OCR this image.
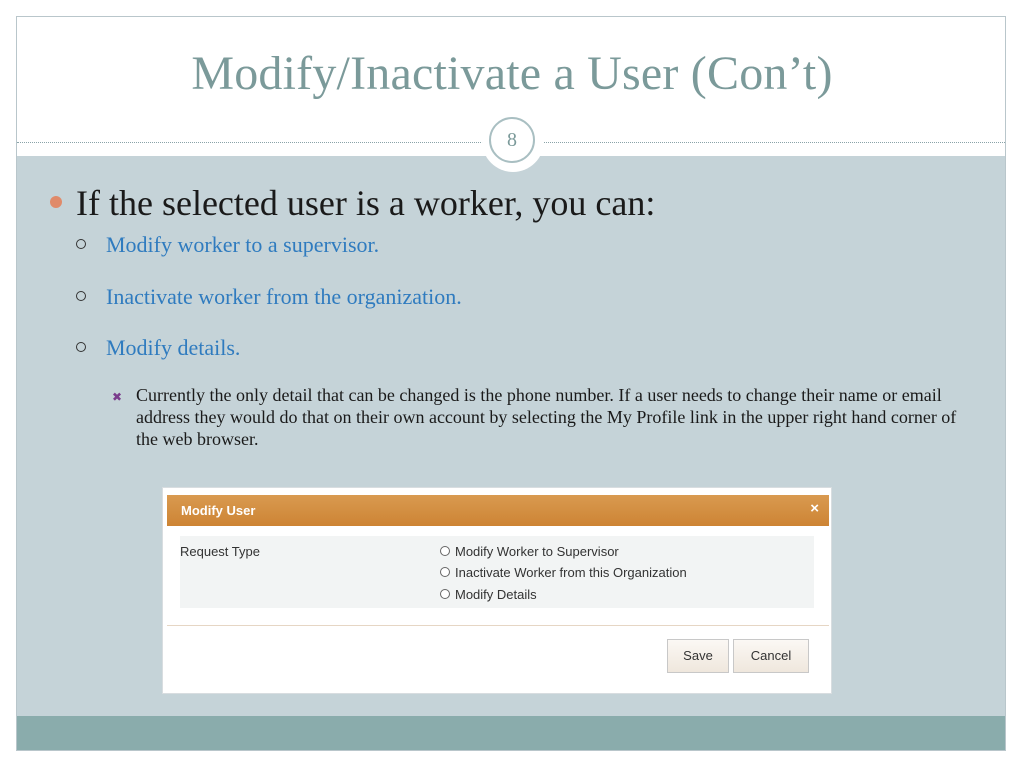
Modify/Inactivate a User (Con’t)
8
If the selected user is a worker, you can:
Modify worker to a supervisor.
Inactivate worker from the organization.
Modify details.
✖ Currently the only detail that can be changed is the phone number. If a user needs to change their name or email address they would do that on their own account by selecting the My Profile link in the upper right hand corner of the web browser.
Modify User	×
Request Type	Modify Worker to Supervisor
Inactivate Worker from this Organization
Modify Details
Save	Cancel
